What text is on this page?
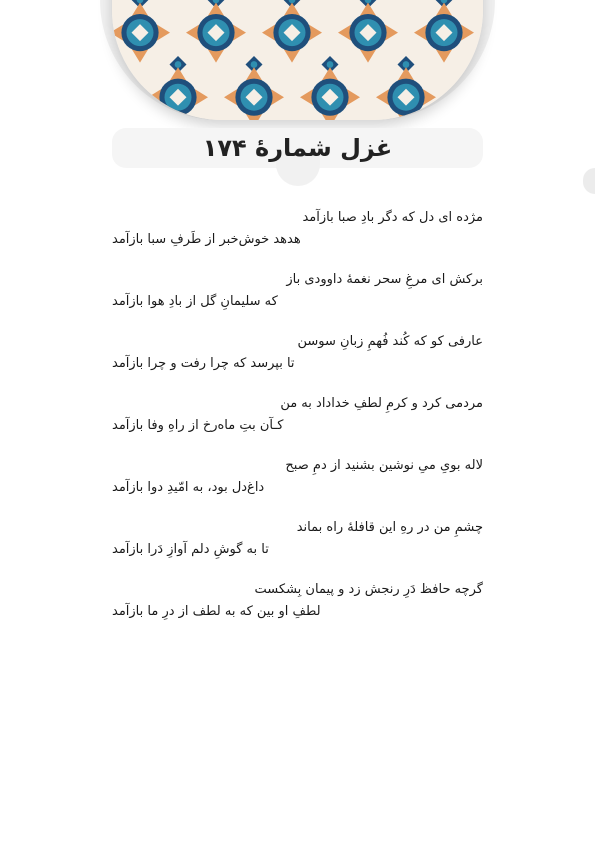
غزل شمارهٔ ۱۷۴
مژده ای دل که دگر بادِ صبا بازآمد
هدهد خوش‌خبر از طَرفِ سبا بازآمد
برکش ای مرغِ سحر نغمهٔ داوودی باز
که سلیمانِ گل از بادِ هوا بازآمد
عارفی کو که کُند فُهمِ زبانِ سوسن
تا بپرسد که چرا رفت و چرا بازآمد
مردمی کرد و کرمِ لطفِ خداداد به من
کـآن بتِ ماه‌رخ از راهِ وفا بازآمد
لاله بویِ میِ نوشین بشنید از دمِ صبح
داغ‌دل بود، به امّیدِ دوا بازآمد
چشمِ من در رهِ این قافلهٔ راه بماند
تا به گوشِ دلم آوازِ دَرا بازآمد
گرچه حافظ دَرِ رنجش زد و پیمان بِشکست
لطفِ او بین که به لطف از درِ ما بازآمد
